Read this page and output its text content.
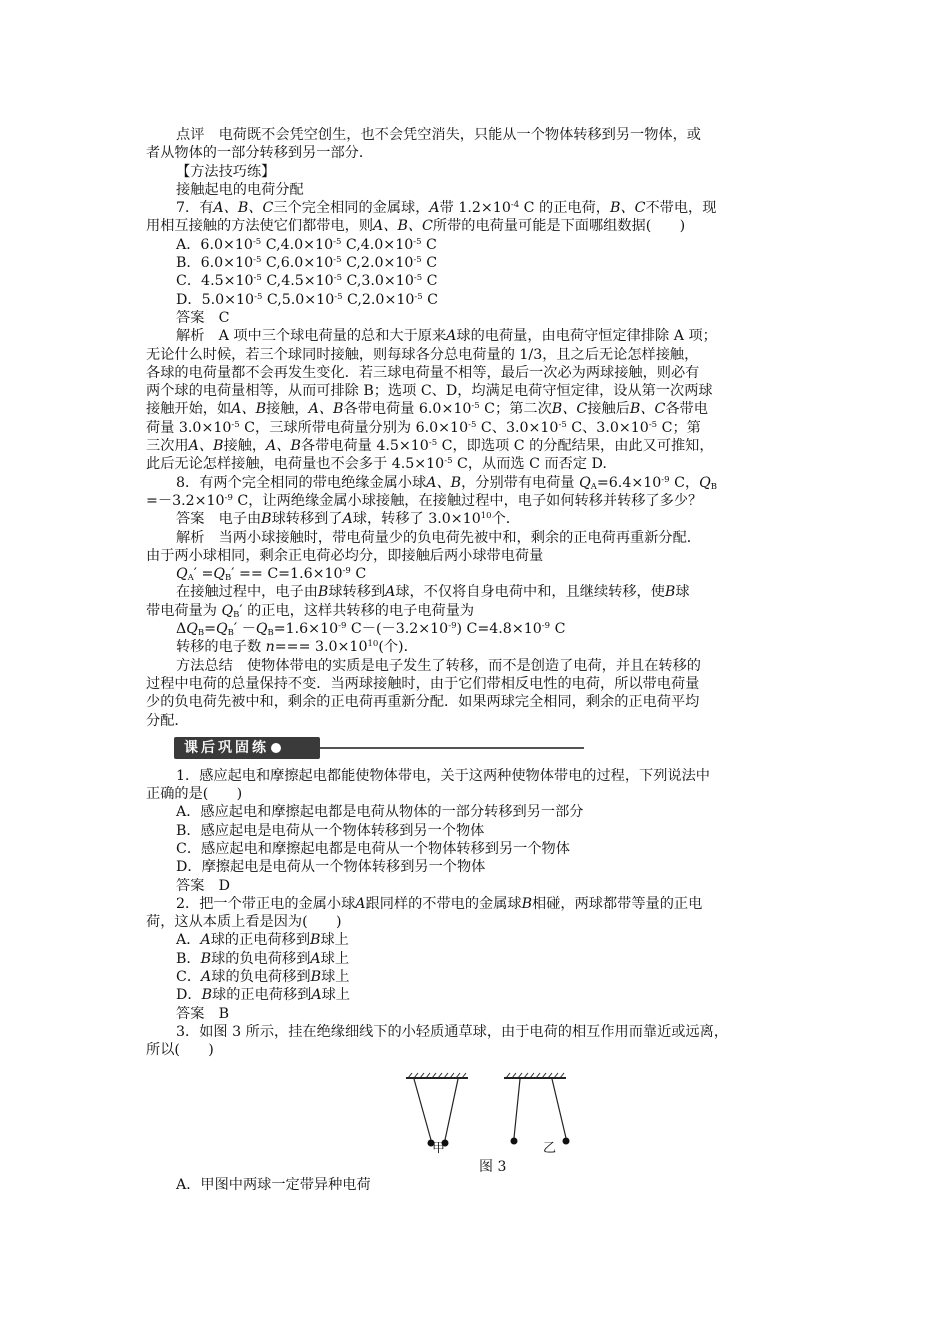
点评　 电荷既不会凭空创生，也不会凭空消失，只能从一个物体转移到另一物体，或
者从物体的一部分转移到另一部分．

【方法技巧练】

接触起电的电荷分配

7．有A、B、C三个完全相同的金属球，A带 $1.2\times 10^{-4}$ C 的正电荷，B、C不带电，现
用相互接触的方法使它们都带电，则A、B、C所带的电荷量可能是下面哪组数据(　　)

A．$6.0\times 10^{-5}$ $C,4.0\times 10^{-5}$ $C,4.0\times 10^{-5}$ C

B．$6.0\times 10^{-5}$ $C,6.0\times 10^{-5}$ $C,2.0\times 10^{-5}$ C

C．$4.5\times 10^{-5}$ $C,4.5\times 10^{-5}$ $C,3.0\times 10^{-5}$ C

D．$5.0\times 10^{-5}$ $C,5.0\times 10^{-5}$ $C,2.0\times 10^{-5}$ C

答案　C

解析　A 项中三个球电荷量的总和大于原来A球的电荷量，由电荷守恒定律排除 A 项；
无论什么时候，若三个球同时接触，则每球各分总电荷量的 1/3，且之后无论怎样接触，
各球的电荷量都不会再发生变化．若三球电荷量不相等，最后一次必为两球接触，则必有
两个球的电荷量相等，从而可排除 B；选项 C、D，均满足电荷守恒定律，设从第一次两球
接触开始，如A、B接触，A、B各带电荷量 $6.0\times 10^{-5}$ C；第二次B、C接触后B、C各带电
荷量 $3.0\times 10^{-5}$ C，三球所带电荷量分别为 $6.0\times 10^{-5}$ C、$3.0\times 10^{-5}$ C、$3.0\times 10^{-5}$ C；第
三次用A、B接触，A、B各带电荷量 $4.5\times 10^{-5}$ C，即选项 C 的分配结果，由此又可推知，
此后无论怎样接触，电荷量也不会多于 $4.5\times 10^{-5}$ C，从而选 C 而否定 D.

8．有两个完全相同的带电绝缘金属小球A、B，分别带有电荷量 $Q_A=6.4\times 10^{-9}$ C，$Q_B$
$=-3.2\times 10^{-9}$ C，让两绝缘金属小球接触，在接触过程中，电子如何转移并转移了多少？

答案　电子由B球转移到了A球，转移了 $3.0\times 10^{10}$个．

解析　当两小球接触时，带电荷量少的负电荷先被中和，剩余的正电荷再重新分配．
由于两小球相同，剩余正电荷必均分，即接触后两小球带电荷量

$Q_A' =Q_B' == C=1.6\times 10^{-9}$ C

在接触过程中，电子由B球转移到A球，不仅将自身电荷中和，且继续转移，使B球
带电荷量为 $Q_B'$ 的正电，这样共转移的电子电荷量为

$\Delta Q_B=Q_B' -Q_B=1.6\times 10^{-9}$ $C-(-3.2\times 10^{-9})$ $C=4.8\times 10^{-9}$ C

转移的电子数 $n=== 3.0\times 10^{10}$(个)．

方法总结　使物体带电的实质是电子发生了转移，而不是创造了电荷，并且在转移的
过程中电荷的总量保持不变．当两球接触时，由于它们带相反电性的电荷，所以带电荷量
少的负电荷先被中和，剩余的正电荷再重新分配．如果两球完全相同，剩余的正电荷平均
分配．

课后巩固练

1．感应起电和摩擦起电都能使物体带电，关于这两种使物体带电的过程，下列说法中
正确的是(　　)

A．感应起电和摩擦起电都是电荷从物体的一部分转移到另一部分

B．感应起电是电荷从一个物体转移到另一个物体

C．感应起电和摩擦起电都是电荷从一个物体转移到另一个物体

D．摩擦起电是电荷从一个物体转移到另一个物体

答案　D

2．把一个带正电的金属小球A跟同样的不带电的金属球B相碰，两球都带等量的正电
荷，这从本质上看是因为(　　)

A．A球的正电荷移到B球上

B．B球的负电荷移到A球上

C．A球的负电荷移到B球上

D．B球的正电荷移到A球上

答案　B

3．如图 3 所示，挂在绝缘细线下的小轻质通草球，由于电荷的相互作用而靠近或远离，
所以(　　)

甲	乙
图 3

A．甲图中两球一定带异种电荷
